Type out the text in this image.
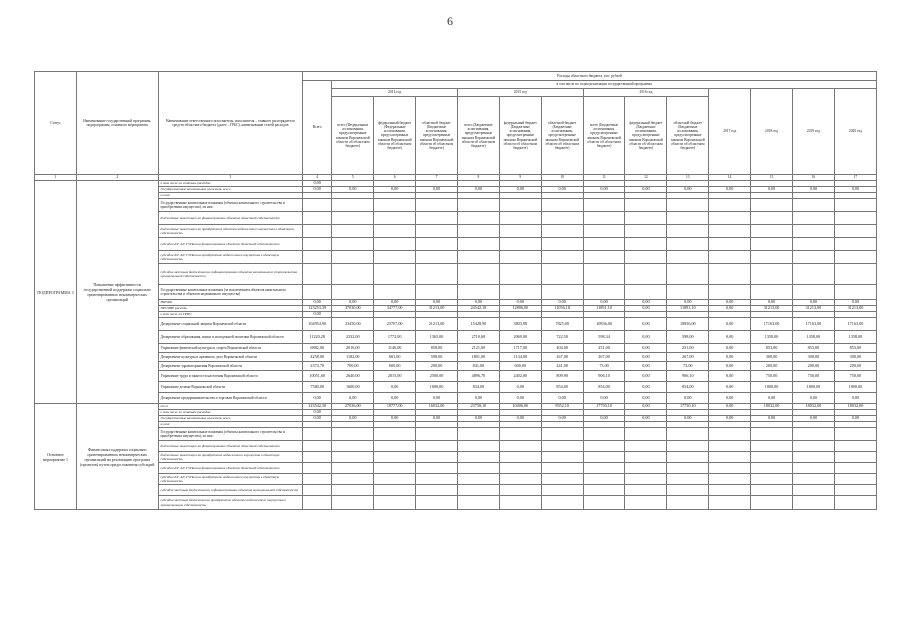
6
Статус	Наименование государственной программы, подпрограммы, основного мероприятия	Наименование ответственного исполнителя, исполнителя – главного распорядителя средств областного бюджета (далее – ГРБС), наименование статей расходов	Расходы областного бюджета, тыс. рублей													
			Всего	в том числе по годам реализации государственной программы												
				2014 год			2015 год			2016 год			2017 год	2018 год	2019 год	2020 год
				всего (Федеральные ассигнования, предусмотренные законом Воронежской области об областном бюджете)	федеральный бюджет (Федеральные ассигнования, предусмотренные законом Воронежской области об областном бюджете)	областной бюджет (Бюджетные ассигнования, предусмотренные законом Воронежской области об областном бюджете)	всего (Бюджетные ассигнования, предусмотренные законом Воронежской области об областном бюджете)	федеральный бюджет (Бюджетные ассигнования, предусмотренные законом Воронежской области об областном бюджете)	областной бюджет (Бюджетные ассигнования, предусмотренные законом Воронежской области об областном бюджете)	всего (Бюджетные ассигнования, предусмотренные законом Воронежской области об областном бюджете)	федеральный бюджет (Бюджетные ассигнования, предусмотренные законом Воронежской области об областном бюджете)	областной бюджет (Бюджетные ассигнования, предусмотренные законом Воронежской области об областном бюджете)				
1	2	3	4	5	6	7	8	9	10	11	12	13	14	15	16	17
ПОДПРОГРАММА 3	Повышение эффективности государственной поддержки социально ориентированных некоммерческих организаций	в том числе по статьям расходов:	0,00													
		Государственные капитальные вложения, всего	0,00	0,00	0,00	0,00	0,00	0,00	0,00	0,00	0,00	0,00	0,00	0,00	0,00	0,00
		из них:														
		Государственные капитальные вложения (объекты капитального строительства и приобретения имущества), из них:														
		бюджетные инвестиции на финансирование объектов областной собственности														
		бюджетные инвестиции на приобретение объектов недвижимого имущества в областную собственность														
		субсидии КУ, АУ, ГУПам на финансирование объектов областной собственности														
		субсидии КУ, АУ, ГУПам на приобретение недвижимого имущества в областную собственность														
		субсидии местным бюджетам на софинансирование объектов капитального строительства муниципальной собственности														
		Государственные капитальные вложения (за исключением объектов капитального строительства и объектов недвижимого имущества)														
		НИОКР	0,00	0,00	0,00	0,00	0,00	0,00	0,00	0,00	0,00	0,00	0,00	0,00	0,00	0,00
		ПРОЧИЕ расходы	123253,39	37030,00	34777,00	31213,00	24542,18	12806,00	11056,18	11891,10	0,00	11891,10	0,00	31213,00	31213,00	31213,00
		в том числе по ГРБС:	0,00													
		Департамент социальной защиты Воронежской области	104954,90	23450,00	23707,00	21213,00	15428,90	3803,98	7825,00	10836,00	0,00	10836,00	0,00	17163,00	17163,00	17163,00
		Департамент образования, науки и молодежной политики Воронежской области	11220,28	2332,00	1772,00	1365,00	2710,68	2069,00	722,50	598,34	0,00	598,00	0,00	1358,00	1358,00	1358,00
		Управление физической культуры и спорта Воронежской области	6882,00	2016,00	1146,00	858,00	2121,00	1717,00	404,00	251,00	0,00	251,00	0,00	853,00	853,00	853,00
		Департамент культуры и архивного дела Воронежской области	4258,00	1182,00	681,00	598,00	1801,00	1134,00	267,00	267,00	0,00	267,00	0,00	300,00	300,00	300,00
		Департамент здравоохранения Воронежской области	2374,70	700,00	600,00	200,00	841,00	600,00	241,00	73,00	0,00	73,00	0,00	200,00	200,00	200,00
		Управление труда и занятости населения Воронежской области	10051,60	2640,00	2015,00	2500,00	4896,70	2402,00	809,90	906,10	0,00	906,10	0,00	750,00	750,00	750,00
		Управление делами Воронежской области	7580,00	1600,00	0,00	1600,00	834,00	0,00	854,00	854,00	0,00	854,00	0,00	1800,00	1800,00	1800,00
		Департамент предпринимательства и торговли Воронежской области	0,00	0,00	0,00	0,00	0,00	0,00	0,00	0,00	0,00	0,00	0,00	0,00	0,00	0,00
Основное мероприятие 1	Финансовая поддержка социально ориентированных некоммерческих организаций на реализацию программ (проектов) путем предоставления субсидий	всего	123542,30	27036,00	19777,00	16032,00	23758,10	10406,00	9552,10	17750,10	0,00	17750,10	0,00	18032,00	18032,00	18032,00
		в том числе по статьям расходов:	0,00													
		Государственные капитальные вложения, всего	0,00	0,00	0,00	0,00	0,00	0,00	0,00	0,00	0,00	0,00	0,00	0,00	0,00	0,00
		из них:														
		Государственные капитальные вложения (объекты капитального строительства и приобретения имущества), из них:														
		бюджетные инвестиции на финансирование объектов областной собственности														
		бюджетные инвестиции на приобретение недвижимого имущества в областную собственность														
		субсидии КУ, АУ, ГУПам на финансирование объектов областной собственности														
		субсидии КУ, АУ, ГУПам на приобретение недвижимого имущества в областную собственность														
		субсидии местным бюджетам на софинансирование объектов муниципальной собственности														
		субсидии местным бюджетам на приобретение объектов недвижимого имущества в муниципальную собственность														
